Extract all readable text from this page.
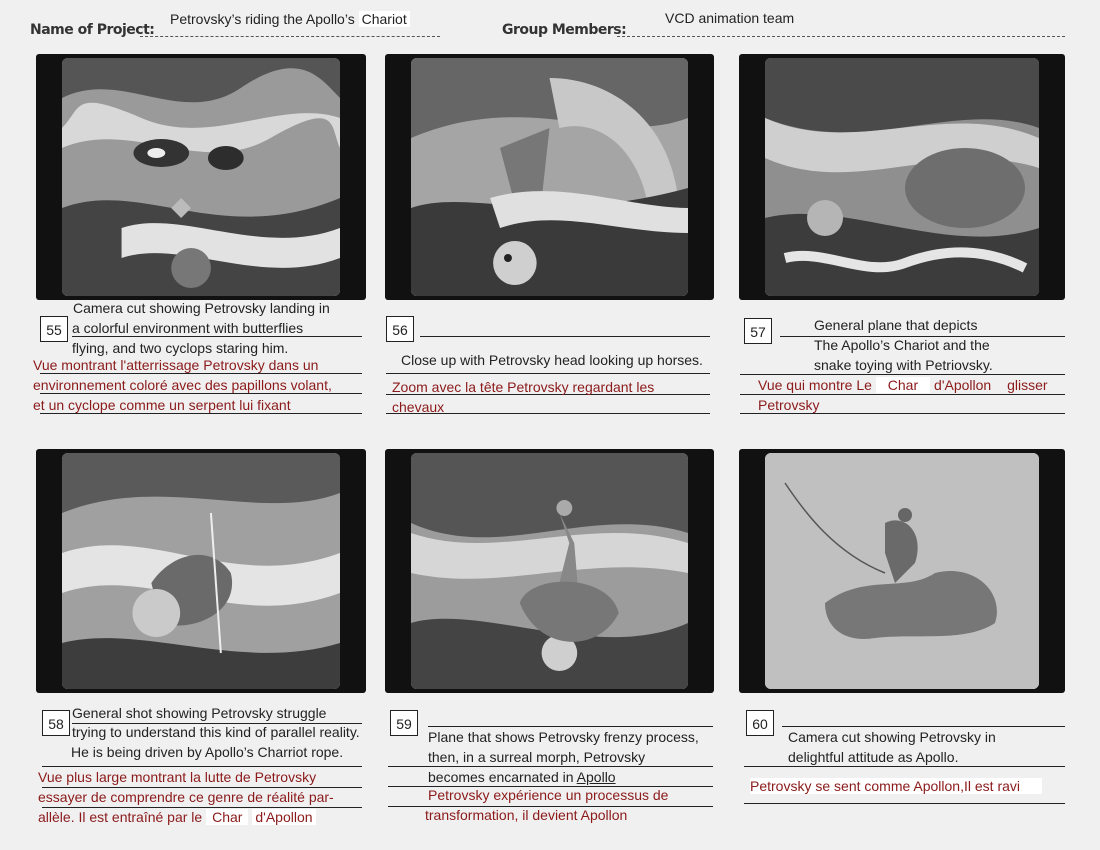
Name of Project:
Petrovsky’s riding the Apollo’s Chariot
Group Members:
VCD animation team
55
Camera cut showing Petrovsky landing in
a colorful environment with butterflies
flying, and two cyclops staring him.
Vue montrant l'atterrissage Petrovsky dans un
environnement coloré avec des papillons volant,
et un cyclope comme un serpent lui fixant
56
Close up with Petrovsky head looking up horses.
Zoom avec la tête Petrovsky regardant les
chevaux
57	General plane that depicts
The Apollo’s Chariot and the
snake toying with Petriovsky.
Vue qui montre Le Char d'Apollon glisser
Petrovsky
58
General shot showing Petrovsky struggle
trying to understand this kind of parallel reality.
He is being driven by Apollo’s Charriot rope.
Vue plus large montrant la lutte de Petrovsky
essayer de comprendre ce genre de réalité par-
allèle. Il est entraîné par le Char d'Apollon
59
Plane that shows Petrovsky frenzy process,
then, in a surreal morph, Petrovsky
becomes encarnated in Apollo
Petrovsky expérience un processus de
transformation, il devient Apollon
60
Camera cut showing Petrovsky in
delightful attitude as Apollo.
Petrovsky se sent comme Apollon,Il est ravi
